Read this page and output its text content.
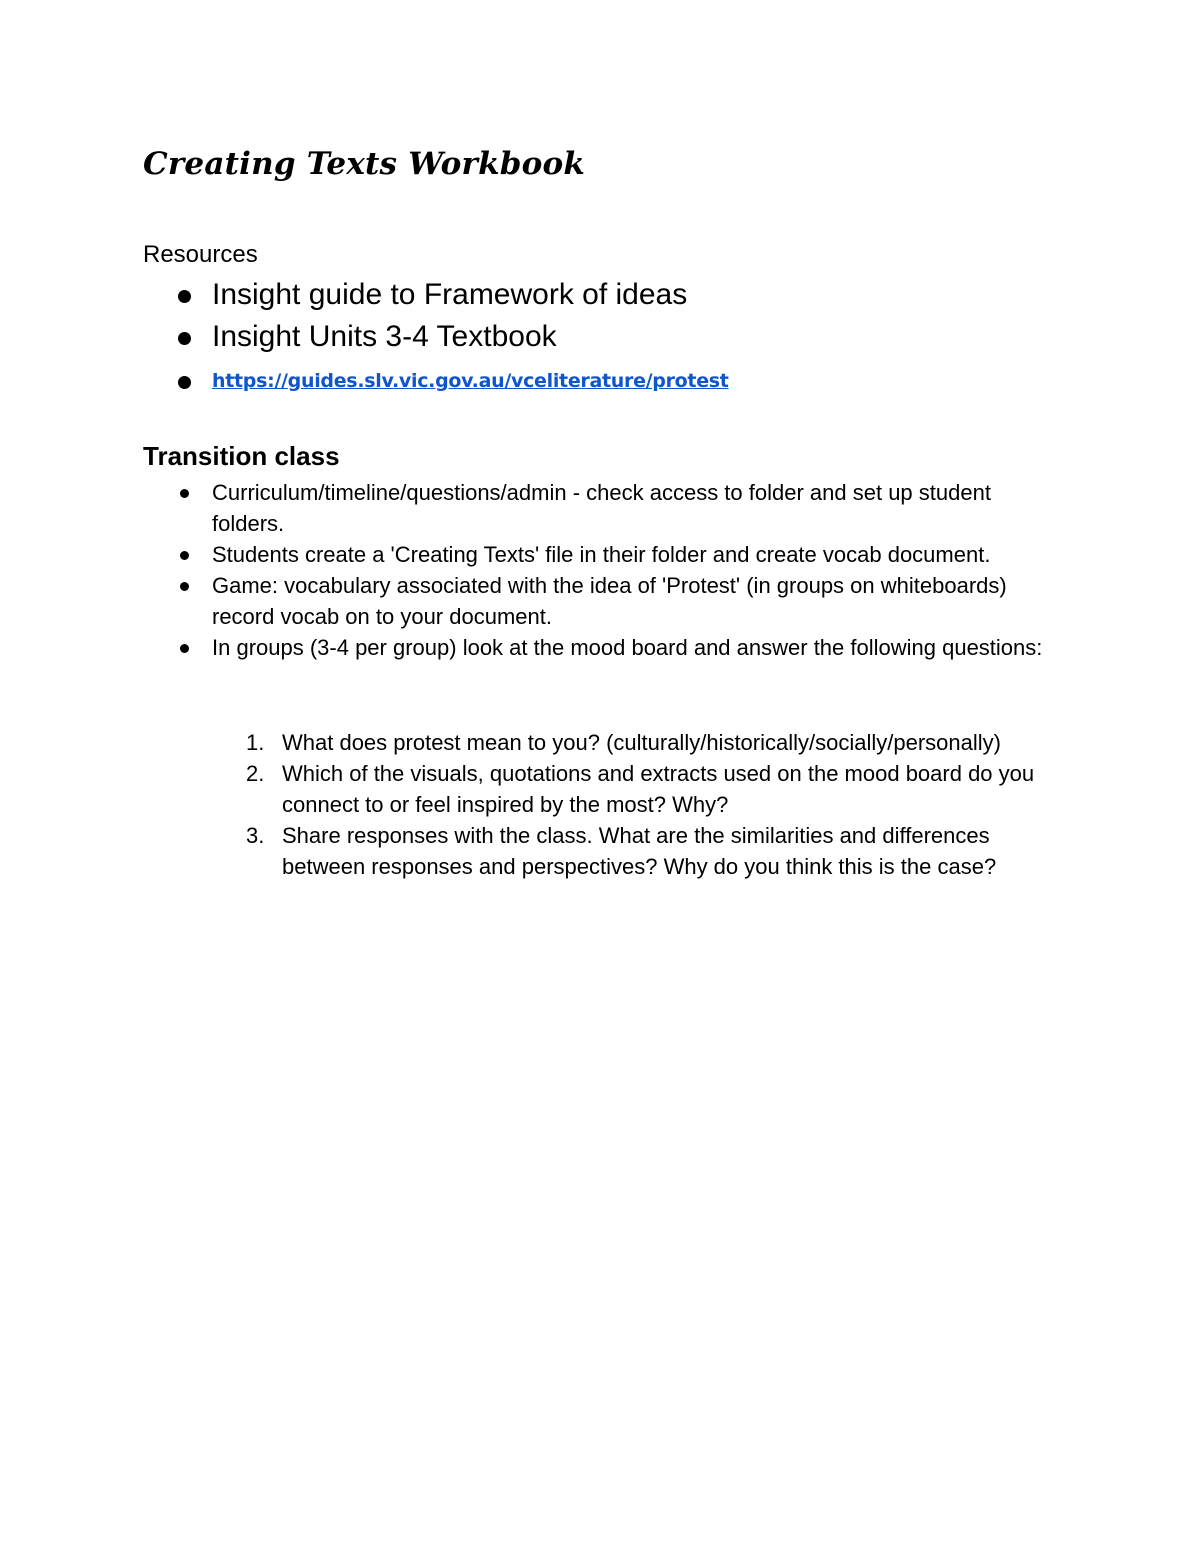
Creating Texts Workbook
Resources
Insight guide to Framework of ideas
Insight Units 3-4 Textbook
https://guides.slv.vic.gov.au/vceliterature/protest
Transition class
Curriculum/timeline/questions/admin - check access to folder and set up student folders.
Students create a 'Creating Texts' file in their folder and create vocab document.
Game: vocabulary associated with the idea of 'Protest' (in groups on whiteboards) record vocab on to your document.
In groups (3-4 per group) look at the mood board and answer the following questions:
1. What does protest mean to you? (culturally/historically/socially/personally)
2. Which of the visuals, quotations and extracts used on the mood board do you connect to or feel inspired by the most? Why?
3. Share responses with the class. What are the similarities and differences between responses and perspectives? Why do you think this is the case?
